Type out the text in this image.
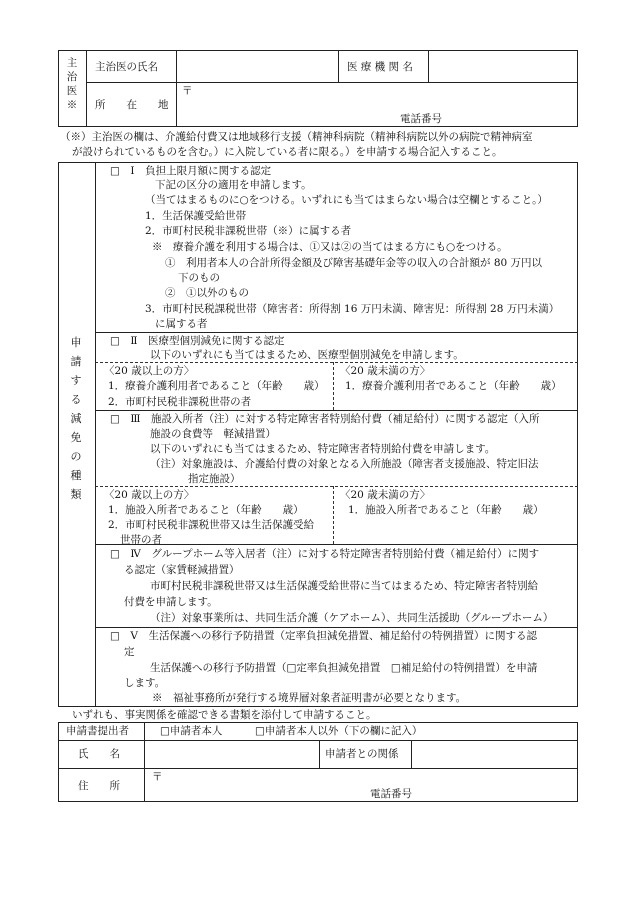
主治医※
主治医の氏名	医 療 機 関 名
所　　在　　地
〒
電話番号
（※）主治医の欄は、介護給付費又は地域移行支援（精神科病院（精神科病院以外の病院で精神病室
が設けられているものを含む。）に入院している者に限る。）を申請する場合記入すること。
申請する減免の種類
□　Ⅰ　負担上限月額に関する認定
下記の区分の適用を申請します。
（当てはまるものに○をつける。いずれにも当てはまらない場合は空欄とすること。）
1．生活保護受給世帯
2．市町村民税非課税世帯（※）に属する者
※　療養介護を利用する場合は、①又は②の当てはまる方にも○をつける。
①　利用者本人の合計所得金額及び障害基礎年金等の収入の合計額が 80 万円以
下のもの
②　①以外のもの
3．市町村民税課税世帯（障害者：所得割 16 万円未満、障害児：所得割 28 万円未満）
に属する者
□　Ⅱ　医療型個別減免に関する認定
以下のいずれにも当てはまるため、医療型個別減免を申請します。
〈20 歳以上の方〉
1．療養介護利用者であること（年齢　　歳）
2．市町村民税非課税世帯の者
〈20 歳未満の方〉
1．療養介護利用者であること（年齢　　歳）
□　Ⅲ　施設入所者（注）に対する特定障害者特別給付費（補足給付）に関する認定（入所
施設の食費等　軽減措置）
以下のいずれにも当てはまるため、特定障害者特別給付費を申請します。
（注）対象施設は、介護給付費の対象となる入所施設（障害者支援施設、特定旧法
指定施設）
〈20 歳以上の方〉
1．施設入所者であること（年齢　　歳）
2．市町村民税非課税世帯又は生活保護受給
世帯の者
〈20 歳未満の方〉
1．施設入所者であること（年齢　　歳）
□　Ⅳ　グループホーム等入居者（注）に対する特定障害者特別給付費（補足給付）に関す
る認定（家賃軽減措置）
市町村民税非課税世帯又は生活保護受給世帯に当てはまるため、特定障害者特別給
付費を申請します。
（注）対象事業所は、共同生活介護（ケアホーム）、共同生活援助（グループホーム）
□　Ⅴ　生活保護への移行予防措置（定率負担減免措置、補足給付の特例措置）に関する認
定
生活保護への移行予防措置（□定率負担減免措置　□補足給付の特例措置）を申請
します。
※　福祉事務所が発行する境界層対象者証明書が必要となります。
いずれも、事実関係を確認できる書類を添付して申請すること。
申請書提出者	□申請者本人	□申請者本人以外（下の欄に記入）
氏　　名	申請者との関係
住　　所
〒
電話番号
